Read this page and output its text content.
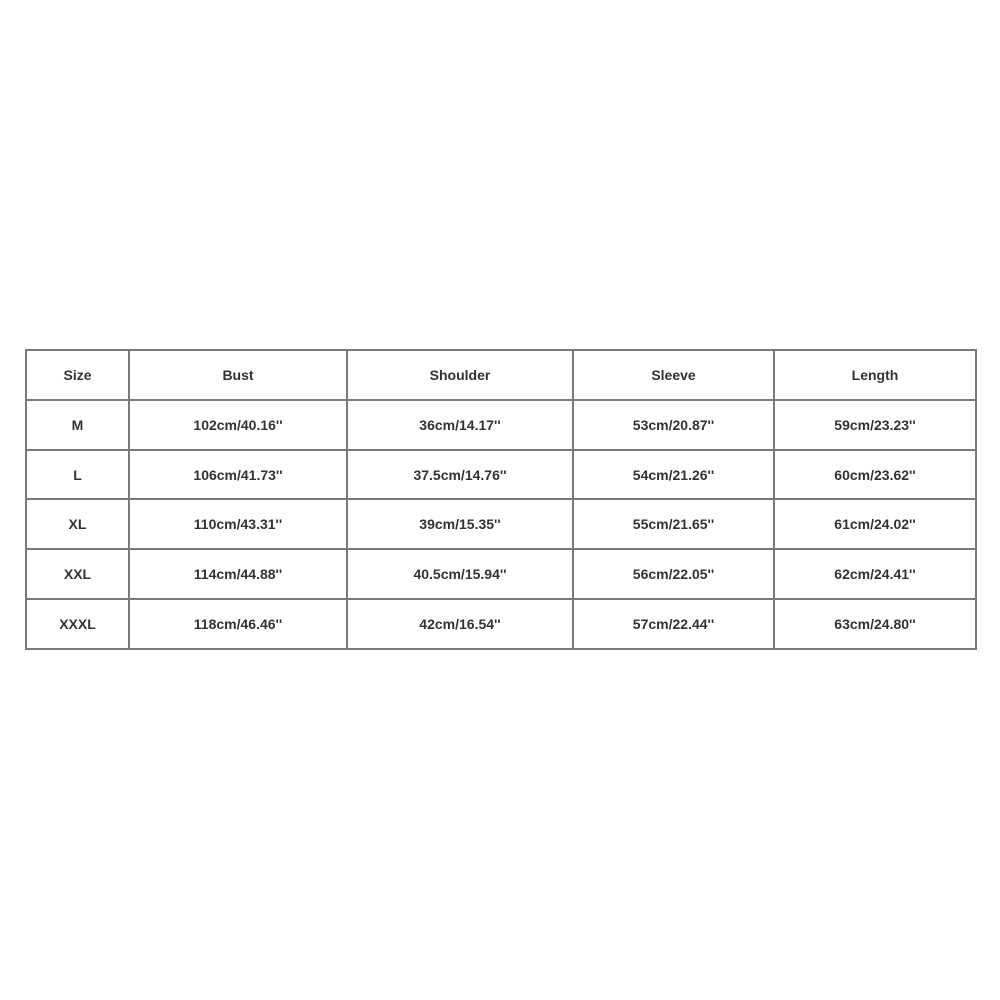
Size	Bust	Shoulder	Sleeve	Length
M	102cm/40.16''	36cm/14.17''	53cm/20.87''	59cm/23.23''
L	106cm/41.73''	37.5cm/14.76''	54cm/21.26''	60cm/23.62''
XL	110cm/43.31''	39cm/15.35''	55cm/21.65''	61cm/24.02''
XXL	114cm/44.88''	40.5cm/15.94''	56cm/22.05''	62cm/24.41''
XXXL	118cm/46.46''	42cm/16.54''	57cm/22.44''	63cm/24.80''
